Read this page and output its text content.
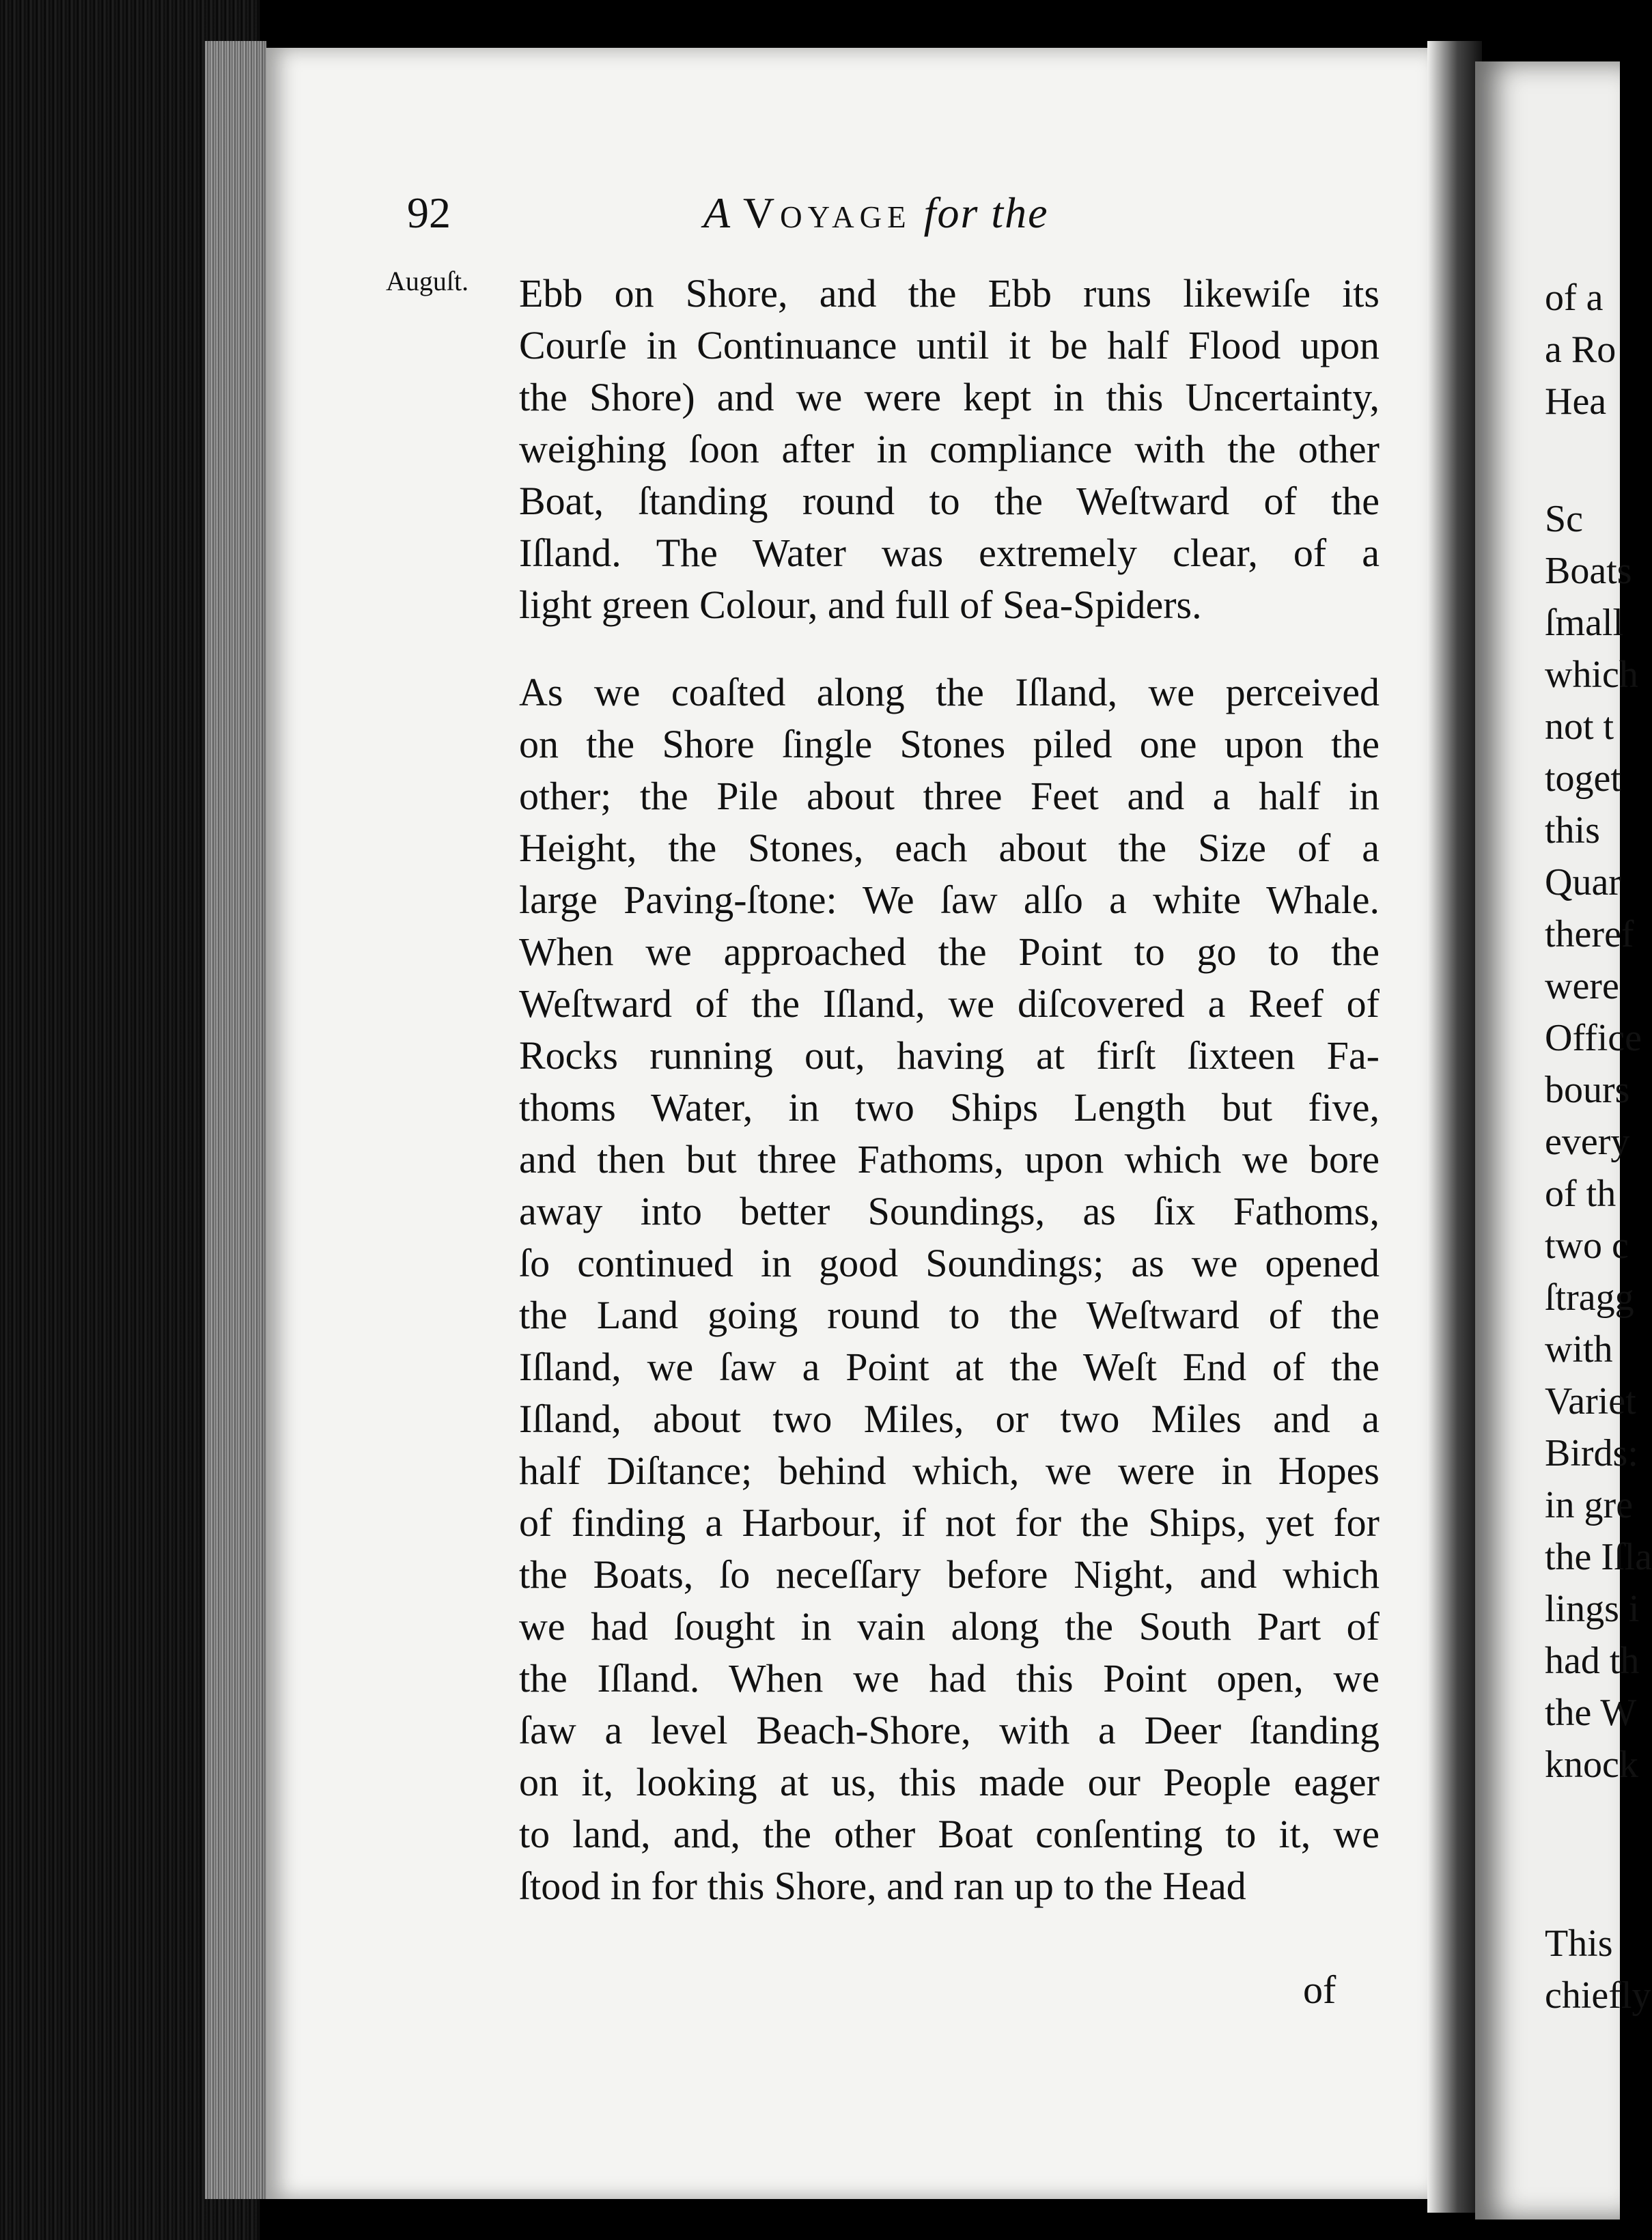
92	A Voyage for the
Auguſt. Ebb on Shore, and the Ebb runs likewiſe its
Courſe in Continuance until it be half Flood upon
the Shore) and we were kept in this Uncertainty,
weighing ſoon after in compliance with the other
Boat, ſtanding round to the Weſtward of the
Iſland. The Water was extremely clear, of a
light green Colour, and full of Sea-Spiders.
As we coaſted along the Iſland, we perceived
on the Shore ſingle Stones piled one upon the
other; the Pile about three Feet and a half in
Height, the Stones, each about the Size of a
large Paving-ſtone: We ſaw alſo a white Whale.
When we approached the Point to go to the
Weſtward of the Iſland, we diſcovered a Reef of
Rocks running out, having at firſt ſixteen Fa-
thoms Water, in two Ships Length but five,
and then but three Fathoms, upon which we bore
away into better Soundings, as ſix Fathoms,
ſo continued in good Soundings; as we opened
the Land going round to the Weſtward of the
Iſland, we ſaw a Point at the Weſt End of the
Iſland, about two Miles, or two Miles and a
half Diſtance; behind which, we were in Hopes
of finding a Harbour, if not for the Ships, yet for
the Boats, ſo neceſſary before Night, and which
we had ſought in vain along the South Part of
the Iſland. When we had this Point open, we
ſaw a level Beach-Shore, with a Deer ſtanding
on it, looking at us, this made our People eager
to land, and, the other Boat conſenting to it, we
ſtood in for this Shore, and ran up to the Head
of
of a
a Ro
Hea
Sc
Boats
ſmall
which
not t
toget
this
Quar
theref
were
Office
bours
every
of th
two c
ſtragg
with
Variet
Birds:
in gre
the Iſla
lings i
had th
the W
knock
This
chiefly
